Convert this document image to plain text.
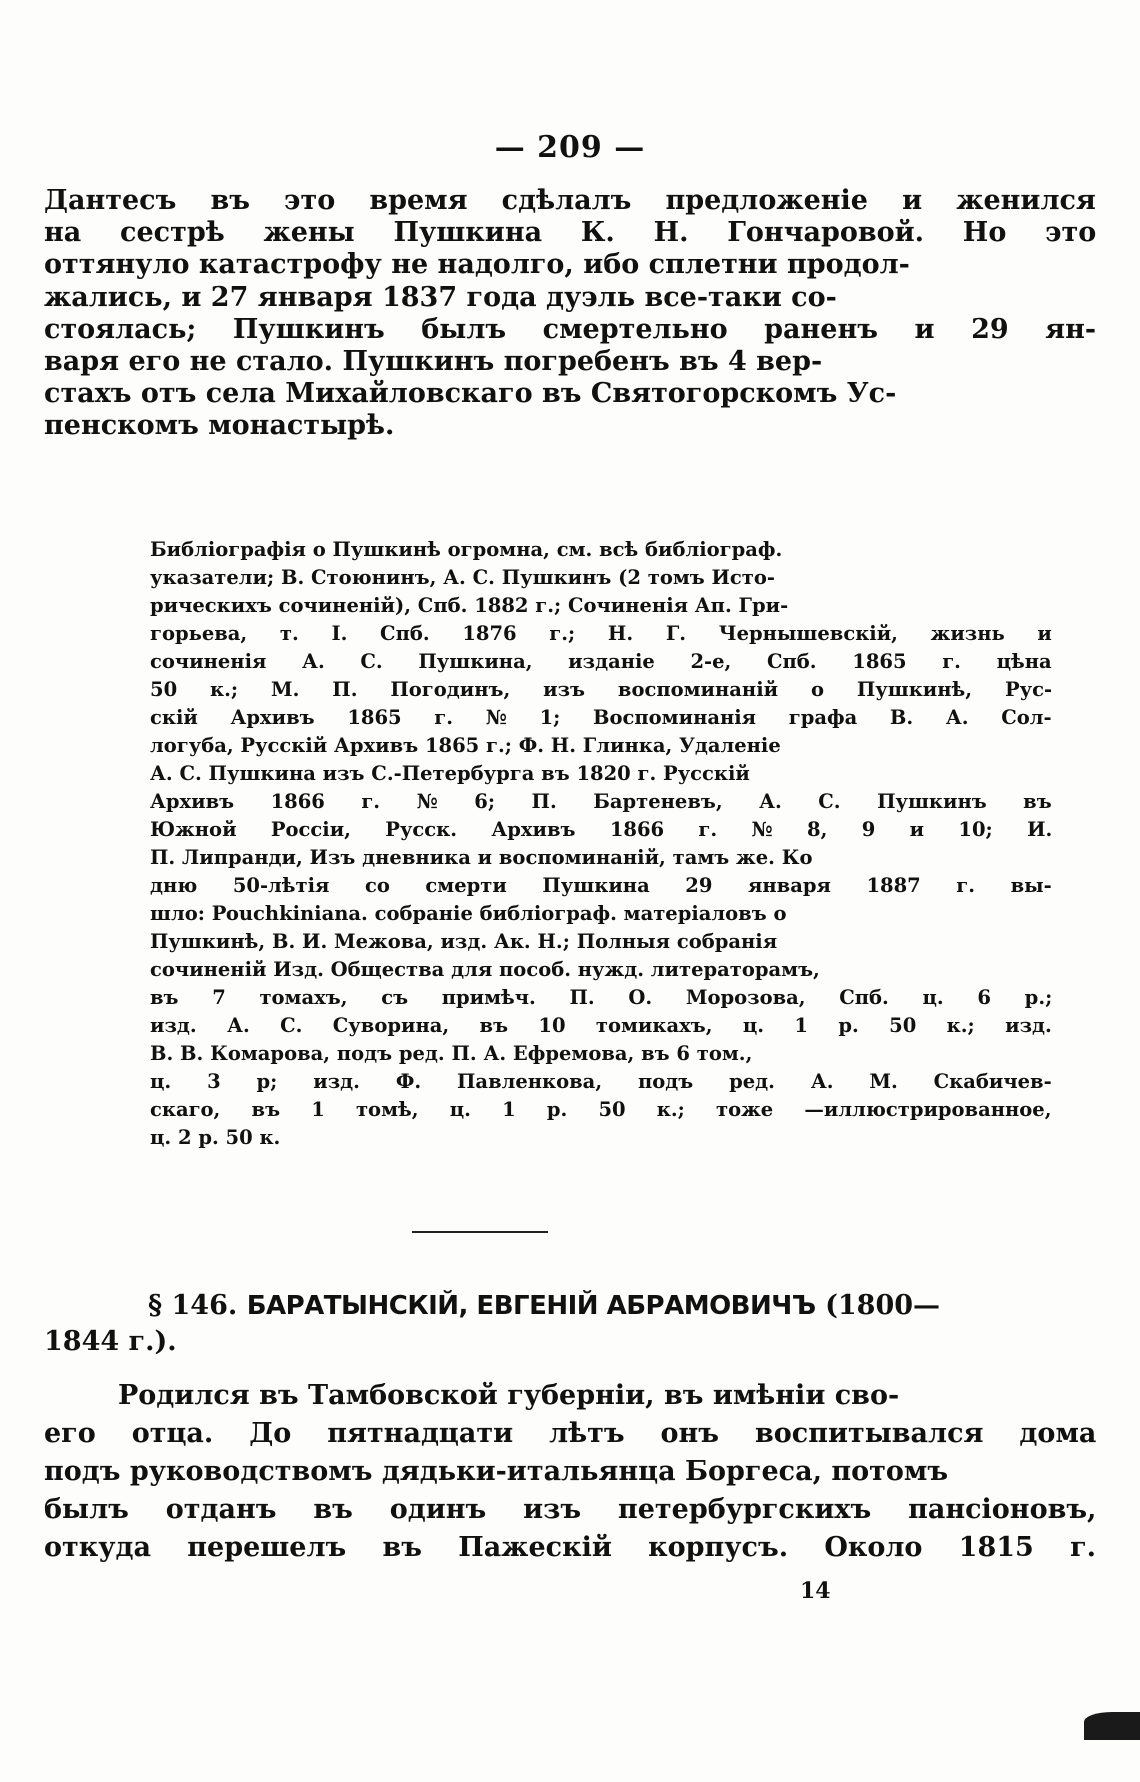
— 209 —
Дантесъ въ это время сдѣлалъ предложеніе и женился
на сестрѣ жены Пушкина К. Н. Гончаровой. Но это
оттянуло катастрофу не надолго, ибо сплетни продол-
жались, и 27 января 1837 года дуэль все-таки со-
стоялась; Пушкинъ былъ смертельно раненъ и 29 ян-
варя его не стало. Пушкинъ погребенъ въ 4 вер-
стахъ отъ села Михайловскаго въ Святогорскомъ Ус-
пенскомъ монастырѣ.
Библіографія о Пушкинѣ огромна, см. всѣ библіограф.
указатели; В. Стоюнинъ, А. С. Пушкинъ (2 томъ Исто-
рическихъ сочиненій), Спб. 1882 г.; Сочиненія Ап. Гри-
горьева, т. I. Спб. 1876 г.; Н. Г. Чернышевскій, жизнь и
сочиненія А. С. Пушкина, изданіе 2-е, Спб. 1865 г. цѣна
50 к.; М. П. Погодинъ, изъ воспоминаній о Пушкинѣ, Рус-
скій Архивъ 1865 г. № 1; Воспоминанія графа В. А. Сол-
логуба, Русскій Архивъ 1865 г.; Ф. Н. Глинка, Удаленіе
А. С. Пушкина изъ С.-Петербурга въ 1820 г. Русскій
Архивъ 1866 г. № 6; П. Бартеневъ, А. С. Пушкинъ въ
Южной Россіи, Русск. Архивъ 1866 г. № 8, 9 и 10; И.
П. Липранди, Изъ дневника и воспоминаній, тамъ же. Ко
дню 50-лѣтія со смерти Пушкина 29 января 1887 г. вы-
шло: Pouchkiniana. собраніе библіограф. матеріаловъ о
Пушкинѣ, В. И. Межова, изд. Ак. Н.; Полныя собранія
сочиненій Изд. Общества для пособ. нужд. литераторамъ,
въ 7 томахъ, съ примѣч. П. О. Морозова, Спб. ц. 6 р.;
изд. А. С. Суворина, въ 10 томикахъ, ц. 1 р. 50 к.; изд.
В. В. Комарова, подъ ред. П. А. Ефремова, въ 6 том.,
ц. 3 р; изд. Ф. Павленкова, подъ ред. А. М. Скабичев-
скаго, въ 1 томѣ, ц. 1 р. 50 к.; тоже —иллюстрированное,
ц. 2 р. 50 к.
§ 146. БАРАТЫНСКІЙ, ЕВГЕНІЙ АБРАМОВИЧЪ (1800—
1844 г.).
Родился въ Тамбовской губерніи, въ имѣніи сво-
его отца. До пятнадцати лѣтъ онъ воспитывался дома
подъ руководствомъ дядьки-итальянца Боргеса, потомъ
былъ отданъ въ одинъ изъ петербургскихъ пансіоновъ,
откуда перешелъ въ Пажескій корпусъ. Около 1815 г.
14
